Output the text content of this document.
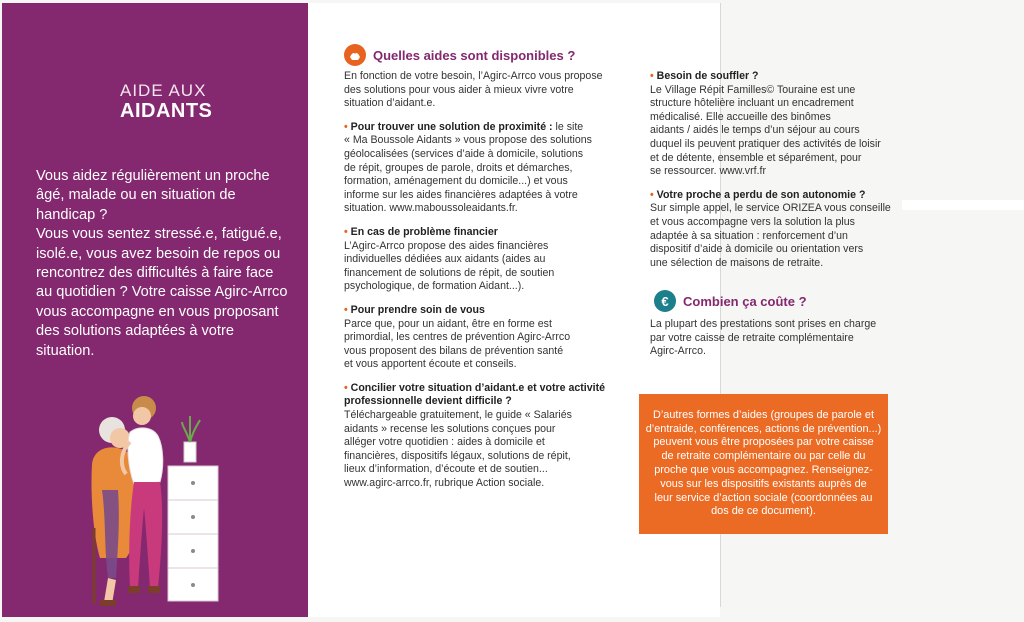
AIDE AUX
AIDANTS

Vous aidez régulièrement un proche

âgé, malade ou en situation de

handicap ?

Vous vous sentez stressé.e, fatigué.e,

isolé.e, vous avez besoin de repos ou

rencontrez des difficultés à faire face

au quotidien ? Votre caisse Agirc-Arrco

vous accompagne en vous proposant

des solutions adaptées à votre

situation.

Quelles aides sont disponibles ?

En fonction de votre besoin, l’Agirc-Arrco vous propose
des solutions pour vous aider à mieux vivre votre
situation d’aidant.e.

• Pour trouver une solution de proximité : le site
« Ma Boussole Aidants » vous propose des solutions
géolocalisées (services d’aide à domicile, solutions
de répit, groupes de parole, droits et démarches,
formation, aménagement du domicile...) et vous
informe sur les aides financières adaptées à votre
situation. www.maboussoleaidants.fr.

• En cas de problème financier
L’Agirc-Arrco propose des aides financières
individuelles dédiées aux aidants (aides au
financement de solutions de répit, de soutien
psychologique, de formation Aidant...).

• Pour prendre soin de vous
Parce que, pour un aidant, être en forme est
primordial, les centres de prévention Agirc-Arrco
vous proposent des bilans de prévention santé
et vous apportent écoute et conseils.

• Concilier votre situation d’aidant.e et votre activité professionnelle devient difficile ?
Téléchargeable gratuitement, le guide « Salariés
aidants » recense les solutions conçues pour
alléger votre quotidien : aides à domicile et
financières, dispositifs légaux, solutions de répit,
lieux d’information, d’écoute et de soutien...
www.agirc-arrco.fr, rubrique Action sociale.

• Besoin de souffler ?
Le Village Répit Familles© Touraine est une
structure hôtelière incluant un encadrement
médicalisé. Elle accueille des binômes
aidants / aidés le temps d’un séjour au cours
duquel ils peuvent pratiquer des activités de loisir
et de détente, ensemble et séparément, pour
se ressourcer. www.vrf.fr

• Votre proche a perdu de son autonomie ?
Sur simple appel, le service ORIZEA vous conseille
et vous accompagne vers la solution la plus
adaptée à sa situation : renforcement d’un
dispositif d’aide à domicile ou orientation vers
une sélection de maisons de retraite.

€	Combien ça coûte ?

La plupart des prestations sont prises en charge
par votre caisse de retraite complémentaire
Agirc-Arrco.

D’autres formes d’aides (groupes de parole et
d’entraide, conférences, actions de prévention...)
peuvent vous être proposées par votre caisse
de retraite complémentaire ou par celle du
proche que vous accompagnez. Renseignez-
vous sur les dispositifs existants auprès de
leur service d’action sociale (coordonnées au
dos de ce document).
